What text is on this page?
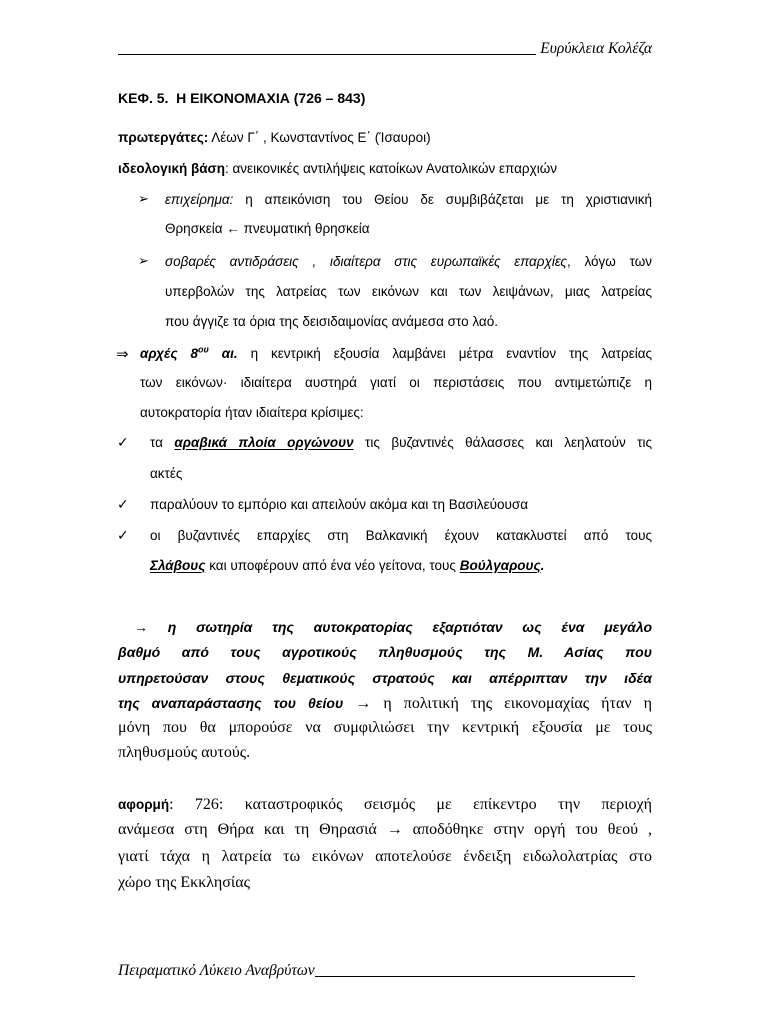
Ευρύκλεια Κολέζα
ΚΕΦ. 5.  Η ΕΙΚΟΝΟΜΑΧΙΑ (726 – 843)
πρωτεργάτες: Λέων Γ΄ , Κωνσταντίνος Ε΄ (Ίσαυροι)
ιδεολογική βάση: ανεικονικές αντιλήψεις κατοίκων Ανατολικών επαρχιών
➢ επιχείρημα: η απεικόνιση του Θείου δε συμβιβάζεται με τη χριστιανική
Θρησκεία ← πνευματική θρησκεία
➢ σοβαρές αντιδράσεις , ιδιαίτερα στις ευρωπαϊκές επαρχίες, λόγω των
υπερβολών της λατρείας των εικόνων και των λειψάνων, μιας λατρείας
που άγγιζε τα όρια της δεισιδαιμονίας ανάμεσα στο λαό.
⇒ αρχές $8^{o\upsilon}$ αι. η κεντρική εξουσία λαμβάνει μέτρα εναντίον της λατρείας
των εικόνων· ιδιαίτερα αυστηρά γιατί οι περιστάσεις που αντιμετώπιζε η
αυτοκρατορία ήταν ιδιαίτερα κρίσιμες:
✓ τα αραβικά πλοία οργώνουν τις βυζαντινές θάλασσες και λεηλατούν τις
ακτές
✓ παραλύουν το εμπόριο και απειλούν ακόμα και τη Βασιλεύουσα
✓ οι βυζαντινές επαρχίες στη Βαλκανική έχουν κατακλυστεί από τους
Σλάβους και υποφέρουν από ένα νέο γείτονα, τους Βούλγαρους.
→ η σωτηρία της αυτοκρατορίας εξαρτιόταν ως ένα μεγάλο
βαθμό από τους αγροτικούς πληθυσμούς της Μ. Ασίας που
υπηρετούσαν στους θεματικούς στρατούς και απέρριπταν την ιδέα
της αναπαράστασης του θείου → η πολιτική της εικονομαχίας ήταν η
μόνη που θα μπορούσε να συμφιλιώσει την κεντρική εξουσία με τους
πληθυσμούς αυτούς.
αφορμή: 726: καταστροφικός σεισμός με επίκεντρο την περιοχή
ανάμεσα στη Θήρα και τη Θηρασιά → αποδόθηκε στην οργή του θεού ,
γιατί τάχα η λατρεία τω εικόνων αποτελούσε ένδειξη ειδωλολατρίας στο
χώρο της Εκκλησίας
Πειραματικό Λύκειο Αναβρύτων
